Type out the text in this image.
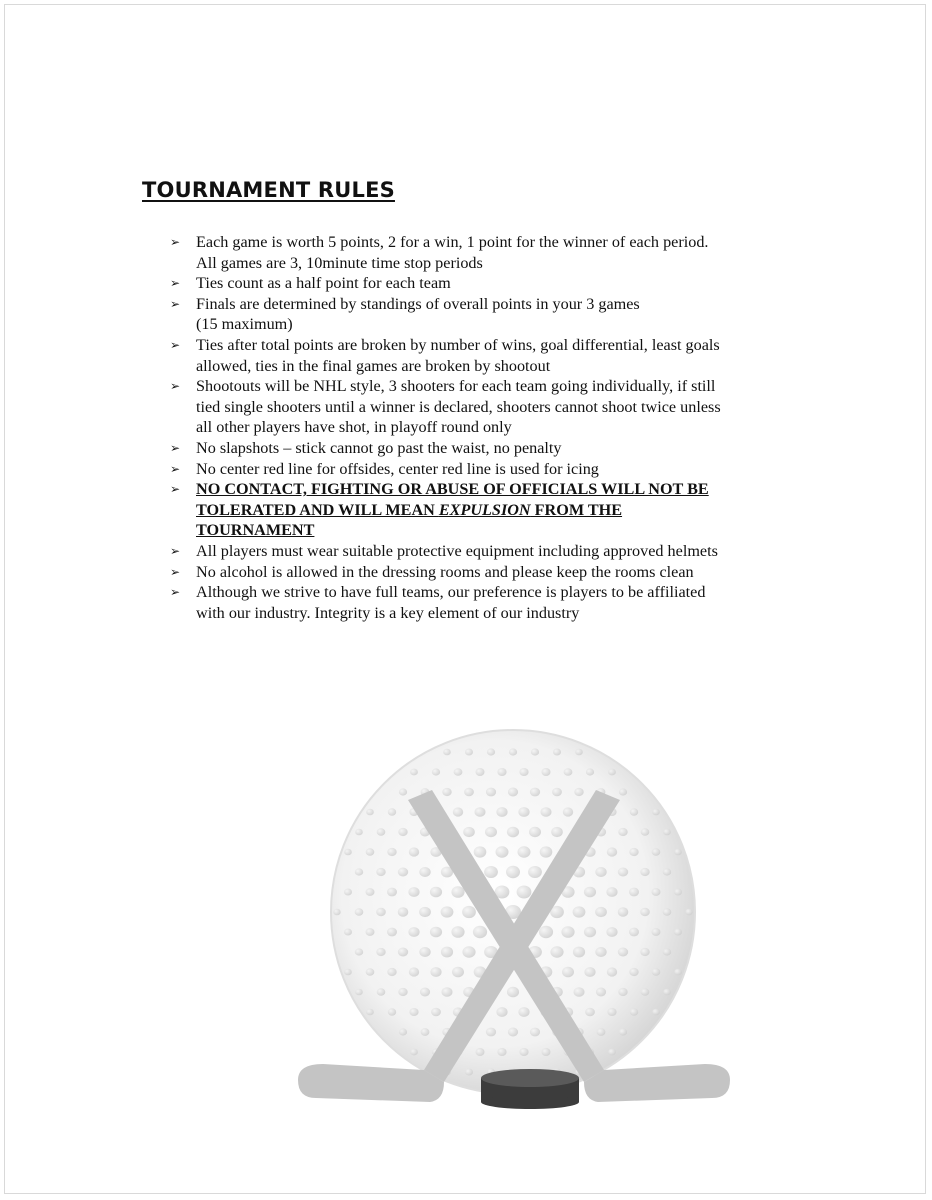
TOURNAMENT RULES
➢ Each game is worth 5 points, 2 for a win, 1 point for the winner of each period.
All games are 3, 10minute time stop periods
➢ Ties count as a half point for each team
➢ Finals are determined by standings of overall points in your 3 games
(15 maximum)
➢ Ties after total points are broken by number of wins, goal differential, least goals
allowed, ties in the final games are broken by shootout
➢ Shootouts will be NHL style, 3 shooters for each team going individually, if still
tied single shooters until a winner is declared, shooters cannot shoot twice unless
all other players have shot, in playoff round only
➢ No slapshots – stick cannot go past the waist, no penalty
➢ No center red line for offsides, center red line is used for icing
➢ NO CONTACT, FIGHTING OR ABUSE OF OFFICIALS WILL NOT BE
TOLERATED AND WILL MEAN EXPULSION FROM THE
TOURNAMENT
➢ All players must wear suitable protective equipment including approved helmets
➢ No alcohol is allowed in the dressing rooms and please keep the rooms clean
➢ Although we strive to have full teams, our preference is players to be affiliated
with our industry. Integrity is a key element of our industry
